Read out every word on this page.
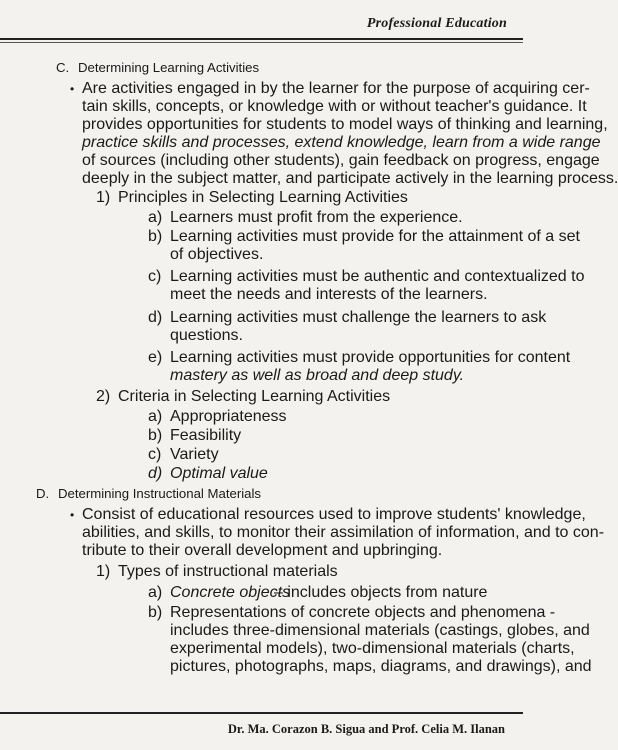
Professional Education
C. Determining Learning Activities
• Are activities engaged in by the learner for the purpose of acquiring cer-
tain skills, concepts, or knowledge with or without teacher's guidance. It
provides opportunities for students to model ways of thinking and learning,
practice skills and processes, extend knowledge, learn from a wide range
of sources (including other students), gain feedback on progress, engage
deeply in the subject matter, and participate actively in the learning process.
1) Principles in Selecting Learning Activities
a) Learners must profit from the experience.
b) Learning activities must provide for the attainment of a set
of objectives.
c) Learning activities must be authentic and contextualized to
meet the needs and interests of the learners.
d) Learning activities must challenge the learners to ask
questions.
e) Learning activities must provide opportunities for content
mastery as well as broad and deep study.
2) Criteria in Selecting Learning Activities
a) Appropriateness
b) Feasibility
c) Variety
d) Optimal value
D. Determining Instructional Materials
• Consist of educational resources used to improve students' knowledge,
abilities, and skills, to monitor their assimilation of information, and to con-
tribute to their overall development and upbringing.
1) Types of instructional materials
a) Concrete objects
– includes objects from nature
b) Representations of concrete objects and phenomena -
includes three-dimensional materials (castings, globes, and
experimental models), two-dimensional materials (charts,
pictures, photographs, maps, diagrams, and drawings), and
Dr. Ma. Corazon B. Sigua and Prof. Celia M. Ilanan
